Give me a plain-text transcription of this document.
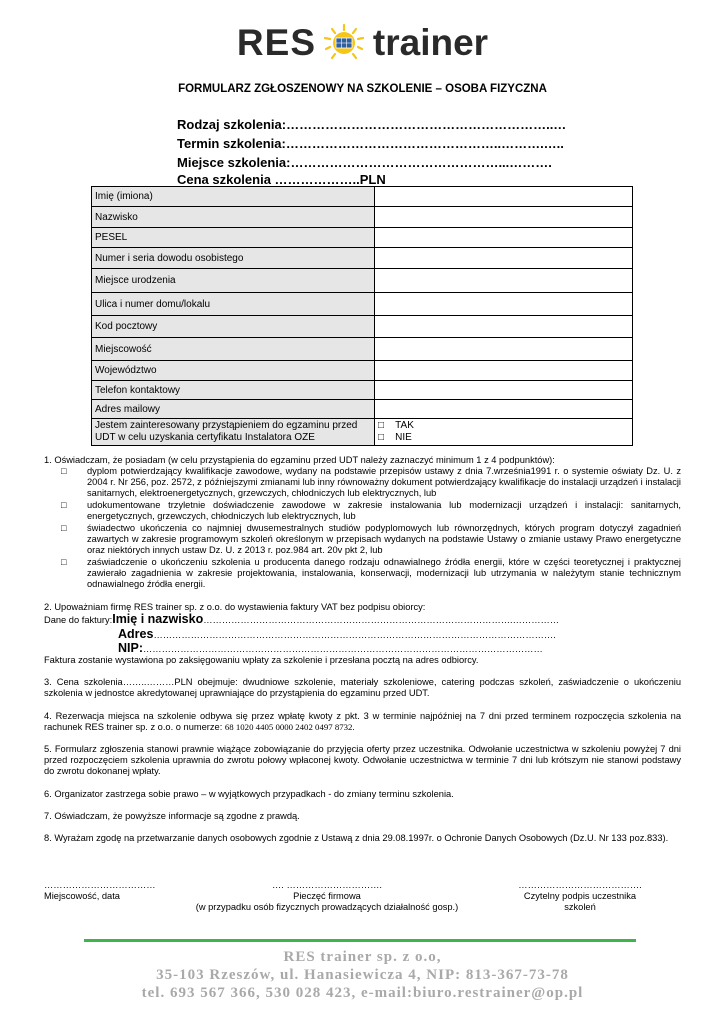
RES trainer
FORMULARZ ZGŁOSZENOWY NA SZKOLENIE – OSOBA FIZYCZNA
Rodzaj szkolenia:……………………………………………………..…
Termin szkolenia:…………………………………………..……….…..
Miejsce szkolenia:…………………………………………...……….
Cena szkolenia ………………..PLN
Imię (imiona)	
Nazwisko	
PESEL	
Numer i seria dowodu osobistego	
Miejsce urodzenia	
Ulica i numer domu/lokalu	
Kod pocztowy	
Miejscowość	
Województwo	
Telefon kontaktowy	
Adres mailowy	

Jestem zainteresowany przystąpieniem do egzaminu przed
UDT w celu uzyskania certyfikatu Instalatora OZE	□    TAK
□    NIE
1. Oświadczam, że posiadam (w celu przystąpienia do egzaminu przed UDT należy zaznaczyć minimum 1 z 4 podpunktów):
□ dyplom potwierdzający kwalifikacje zawodowe, wydany na podstawie przepisów ustawy z dnia 7.września1991 r. o systemie oświaty Dz. U. z 2004 r. Nr 256, poz. 2572, z późniejszymi zmianami lub inny równoważny dokument potwierdzający kwalifikacje do instalacji urządzeń i instalacji sanitarnych, elektroenergetycznych, grzewczych, chłodniczych lub elektrycznych, lub
□ udokumentowane trzyletnie doświadczenie zawodowe w zakresie instalowania lub modernizacji urządzeń i instalacji: sanitarnych, energetycznych, grzewczych, chłodniczych lub elektrycznych, lub
□ świadectwo ukończenia co najmniej dwusemestralnych studiów podyplomowych lub równorzędnych, których program dotyczył zagadnień zawartych w zakresie programowym szkoleń określonym w przepisach wydanych na podstawie Ustawy o zmianie ustawy Prawo energetyczne oraz niektórych innych ustaw Dz. U. z 2013 r. poz.984 art. 20v pkt 2, lub
□ zaświadczenie o ukończeniu szkolenia u producenta danego rodzaju odnawialnego źródła energii, które w części teoretycznej i praktycznej zawierało zagadnienia w zakresie projektowania, instalowania, konserwacji, modernizacji lub utrzymania w należytym stanie technicznym odnawialnego źródła energii.
2. Upoważniam firmę RES trainer sp. z o.o. do wystawienia faktury VAT bez podpisu obiorcy:
Dane do faktury:Imię i nazwisko……………………………………………………………………………………….……………
Adres………………………………………………………………………………………………………………….
NIP:…………………………………………………………………………………………………………………
Faktura zostanie wystawiona po zaksięgowaniu wpłaty za szkolenie i przesłana pocztą na adres odbiorcy.
3. Cena szkolenia……..………PLN obejmuje: dwudniowe szkolenie, materiały szkoleniowe, catering podczas szkoleń, zaświadczenie o ukończeniu szkolenia w jednostce akredytowanej uprawniające do przystąpienia do egzaminu przed UDT.
4. Rezerwacja miejsca na szkolenie odbywa się przez wpłatę kwoty z pkt. 3 w terminie najpóźniej na 7 dni przed terminem rozpoczęcia szkolenia na rachunek RES trainer sp. z o.o. o numerze: 68 1020 4405 0000 2402 0497 8732.
5. Formularz zgłoszenia stanowi prawnie wiążące zobowiązanie do przyjęcia oferty przez uczestnika. Odwołanie uczestnictwa w szkoleniu powyżej 7 dni przed rozpoczęciem szkolenia uprawnia do zwrotu połowy wpłaconej kwoty. Odwołanie uczestnictwa w terminie 7 dni lub krótszym nie stanowi podstawy do zwrotu dokonanej wpłaty.
6. Organizator zastrzega sobie prawo – w wyjątkowych przypadkach - do zmiany terminu szkolenia.
7. Oświadczam, że powyższe informacje są zgodne z prawdą.
8. Wyrażam zgodę na przetwarzanie danych osobowych zgodnie z Ustawą z dnia 29.08.1997r. o Ochronie Danych Osobowych (Dz.U. Nr 133 poz.833).
………………………………
Miejscowość, data
…. ………………………….
Pieczęć firmowa
(w przypadku osób fizycznych prowadzących działalność gosp.)
………………………………….
Czytelny podpis uczestnika
szkoleń
RES trainer sp. z o.o,
35-103 Rzeszów, ul. Hanasiewicza 4, NIP: 813-367-73-78
tel. 693 567 366, 530 028 423, e-mail:biuro.restrainer@op.pl
